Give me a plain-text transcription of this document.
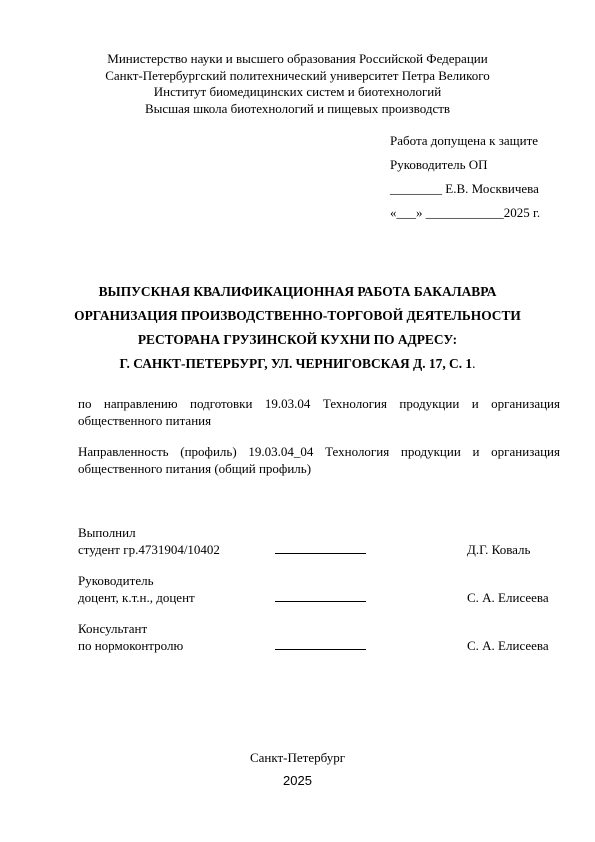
Министерство науки и высшего образования Российской Федерации
Санкт-Петербургский политехнический университет Петра Великого
Институт биомедицинских систем и биотехнологий
Высшая школа биотехнологий и пищевых производств
Работа допущена к защите
Руководитель ОП
________ Е.В. Москвичева
«___» ____________2025 г.
ВЫПУСКНАЯ КВАЛИФИКАЦИОННАЯ РАБОТА БАКАЛАВРА
ОРГАНИЗАЦИЯ ПРОИЗВОДСТВЕННО-ТОРГОВОЙ ДЕЯТЕЛЬНОСТИ
РЕСТОРАНА ГРУЗИНСКОЙ КУХНИ ПО АДРЕСУ:
Г. САНКТ-ПЕТЕРБУРГ, УЛ. ЧЕРНИГОВСКАЯ Д. 17, С. 1.
по направлению подготовки 19.03.04 Технология продукции и организация
общественного питания
Направленность (профиль) 19.03.04_04 Технология продукции и организация
общественного питания (общий профиль)
Выполнил
студент гр.4731904/10402	Д.Г. Коваль
Руководитель
доцент, к.т.н., доцент	С. А. Елисеева
Консультант
по нормоконтролю	С. А. Елисеева
Санкт-Петербург
2025
